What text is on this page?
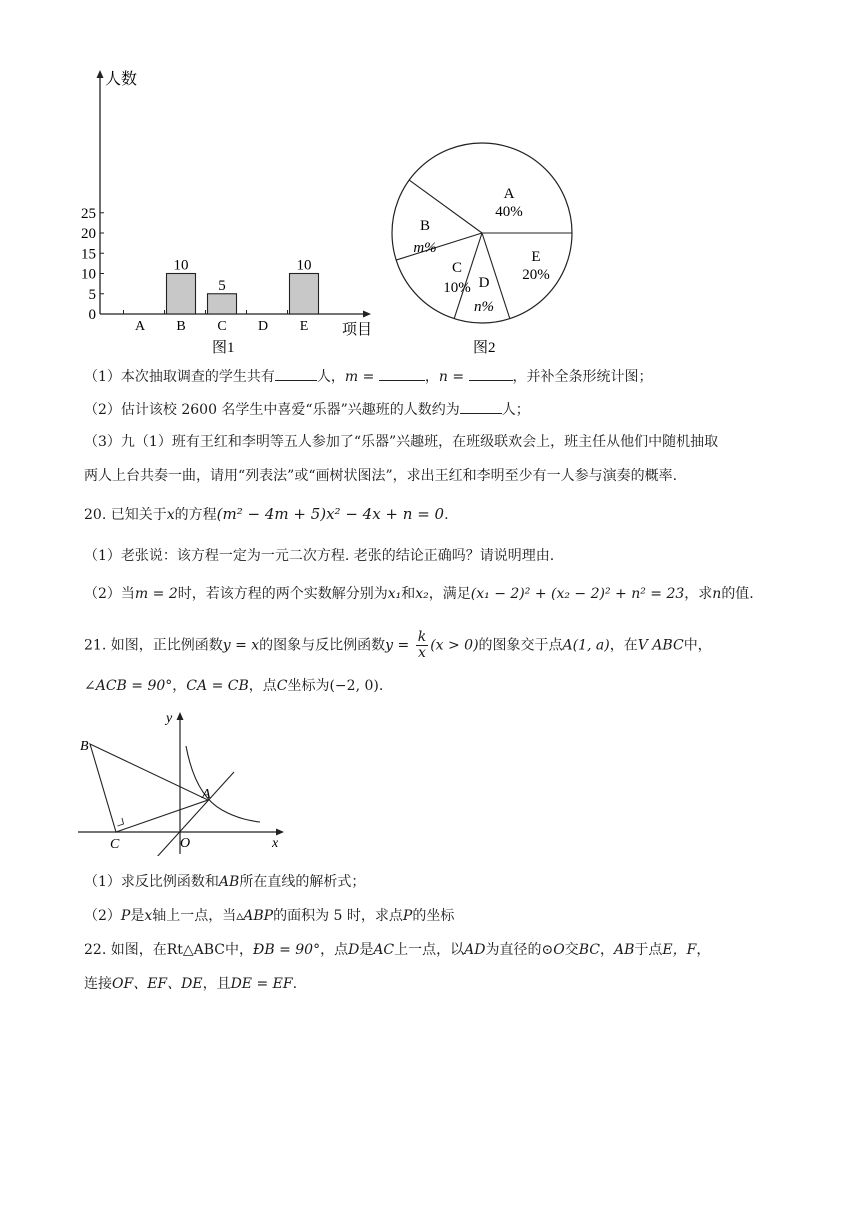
0
5
10
15
20
25
A B
10
C
5
D E
10
人数
项目
图1
A
40%
B
m%
C
10% D
n%
E
20%
图2
（1）本次抽取调查的学生共有	人，m =	，n =	，并补全条形统计图；
（2）估计该校 2600 名学生中喜爱“乐器”兴趣班的人数约为	人；
（3）九（1）班有王红和李明等五人参加了“乐器”兴趣班，在班级联欢会上，班主任从他们中随机抽取
两人上台共奏一曲，请用“列表法”或“画树状图法”，求出王红和李明至少有一人参与演奏的概率.
20. 已知关于x的方程(m² − 4m + 5)x² − 4x + n = 0.
（1）老张说：该方程一定为一元二次方程. 老张的结论正确吗？请说明理由.
（2）当m = 2时，若该方程的两个实数解分别为x₁和x₂，满足(x₁ − 2)² + (x₂ − 2)² + n² = 23，求n的值.
21. 如图，正比例函数y = x的图象与反比例函数$y = \frac{k}{x} (x > 0)$的图象交于点A(1, a)，在V ABC中，
∠ACB = 90°，CA = CB，点C坐标为(−2, 0).
y
x
B
A
C	O
（1）求反比例函数和AB所在直线的解析式；
（2）P是x轴上一点，当▵ABP的面积为 5 时，求点P的坐标
22. 如图，在Rt△ABC中，ÐB = 90°，点D是AC上一点，以AD为直径的⊙O交BC，AB于点E，F，
连接OF、EF、DE，且DE = EF.
